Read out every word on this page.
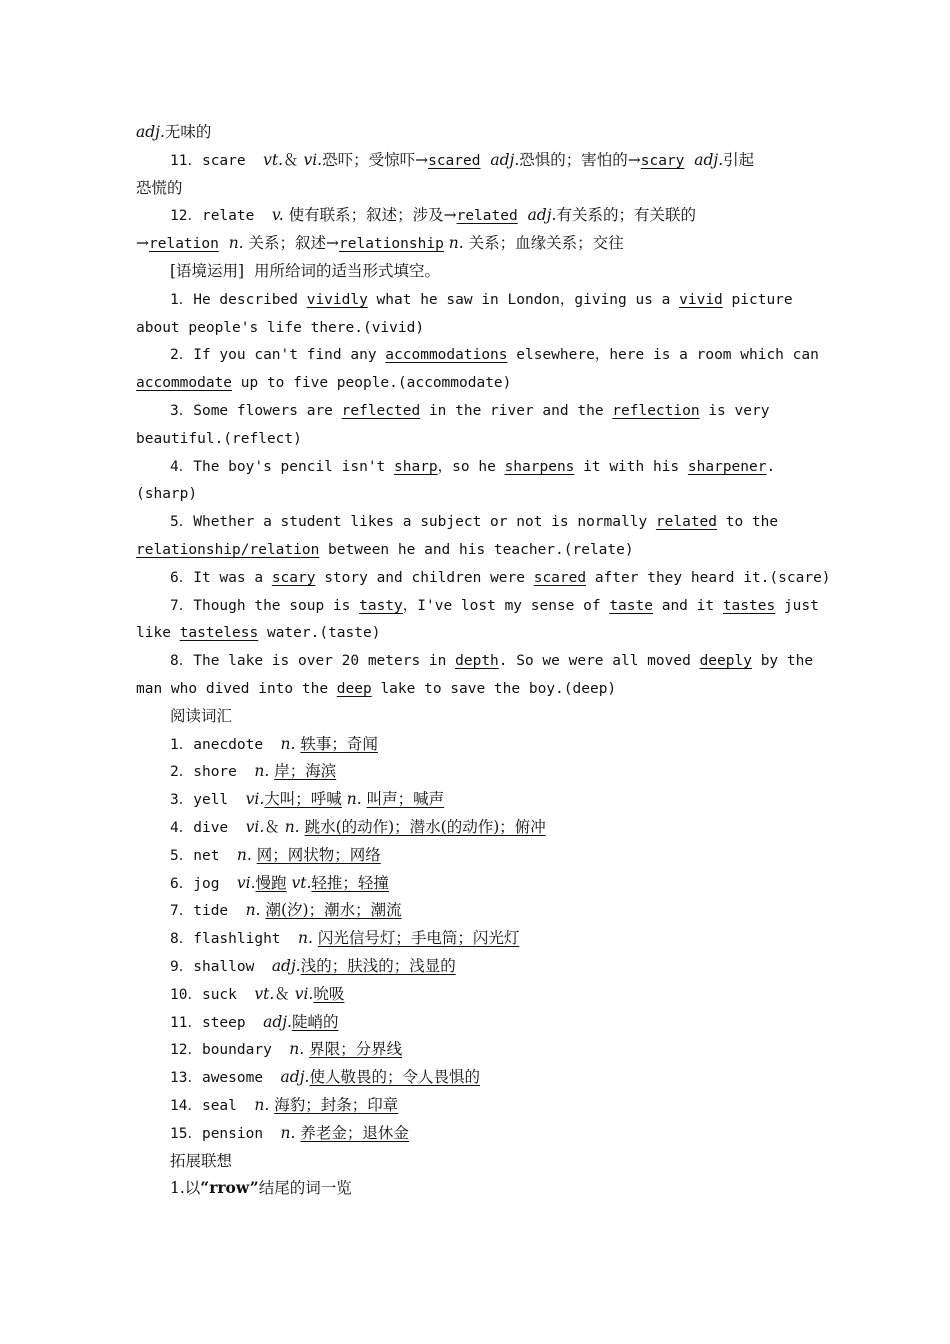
adj.无味的
11．scare  vt.＆ vi.恐吓；受惊吓→scared adj.恐惧的；害怕的→scary adj.引起
恐慌的
12．relate  v. 使有联系；叙述；涉及→related adj.有关系的；有关联的
→relation n. 关系；叙述→relationship n. 关系；血缘关系；交往
[语境运用]  用所给词的适当形式填空。
1．He described vividly what he saw in London，giving us a vivid picture
about people's life there.(vivid)
2．If you can't find any accommodations elsewhere，here is a room which can
accommodate up to five people.(accommodate)
3．Some flowers are reflected in the river and the reflection is very
beautiful.(reflect)
4．The boy's pencil isn't sharp，so he sharpens it with his sharpener.
(sharp)
5．Whether a student likes a subject or not is normally related to the
relationship/relation between he and his teacher.(relate)
6．It was a scary story and children were scared after they heard it.(scare)
7．Though the soup is tasty，I've lost my sense of taste and it tastes just
like tasteless water.(taste)
8．The lake is over 20 meters in depth. So we were all moved deeply by the
man who dived into the deep lake to save the boy.(deep)
阅读词汇
1．anecdote  n. 轶事；奇闻
2．shore  n. 岸；海滨
3．yell  vi.大叫；呼喊 n. 叫声；喊声
4．dive  vi.＆ n. 跳水(的动作)；潜水(的动作)；俯冲
5．net  n. 网；网状物；网络
6．jog  vi.慢跑 vt.轻推；轻撞
7．tide  n. 潮(汐)；潮水；潮流
8．flashlight  n. 闪光信号灯；手电筒；闪光灯
9．shallow  adj.浅的；肤浅的；浅显的
10．suck  vt.＆ vi.吮吸
11．steep  adj.陡峭的
12．boundary  n. 界限；分界线
13．awesome  adj.使人敬畏的；令人畏惧的
14．seal  n. 海豹；封条；印章
15．pension  n. 养老金；退休金
拓展联想
1.以“rrow”结尾的词一览
